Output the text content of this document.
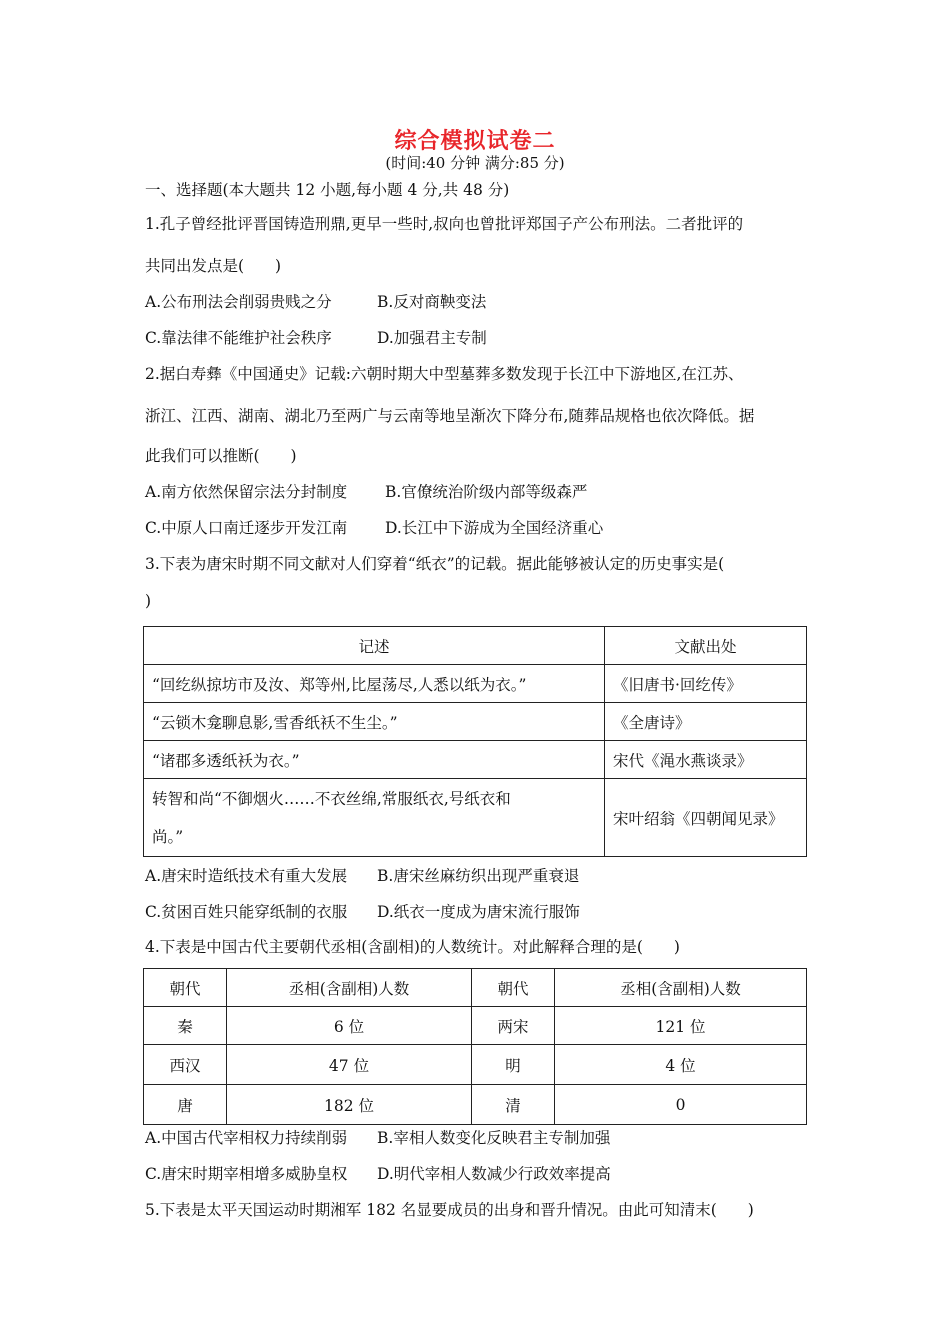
综合模拟试卷二
(时间:40 分钟 满分:85 分)
一、选择题(本大题共 12 小题,每小题 4 分,共 48 分)
1.孔子曾经批评晋国铸造刑鼎,更早一些时,叔向也曾批评郑国子产公布刑法。二者批评的
共同出发点是(　　)
A.公布刑法会削弱贵贱之分	B.反对商鞅变法
C.靠法律不能维护社会秩序	D.加强君主专制
2.据白寿彝《中国通史》记载:六朝时期大中型墓葬多数发现于长江中下游地区,在江苏、
浙江、江西、湖南、湖北乃至两广与云南等地呈渐次下降分布,随葬品规格也依次降低。据
此我们可以推断(　　)
A.南方依然保留宗法分封制度 B.官僚统治阶级内部等级森严
C.中原人口南迁逐步开发江南 D.长江中下游成为全国经济重心
3.下表为唐宋时期不同文献对人们穿着“纸衣”的记载。据此能够被认定的历史事实是(
)
记述	文献出处
“回纥纵掠坊市及汝、郑等州,比屋荡尽,人悉以纸为衣。”	《旧唐书·回纥传》
“云锁木龛聊息影,雪香纸袄不生尘。”	《全唐诗》
“诸郡多透纸袄为衣。”	宋代《渑水燕谈录》

转智和尚“不御烟火……不衣丝绵,常服纸衣,号纸衣和
尚。”	宋叶绍翁《四朝闻见录》
A.唐宋时造纸技术有重大发展 B.唐宋丝麻纺织出现严重衰退
C.贫困百姓只能穿纸制的衣服 D.纸衣一度成为唐宋流行服饰
4.下表是中国古代主要朝代丞相(含副相)的人数统计。对此解释合理的是(　　)
朝代	丞相(含副相)人数	朝代	丞相(含副相)人数
秦	6 位	两宋	121 位
西汉	47 位	明	4 位
唐	182 位	清	0
A.中国古代宰相权力持续削弱 B.宰相人数变化反映君主专制加强
C.唐宋时期宰相增多威胁皇权 D.明代宰相人数减少行政效率提高
5.下表是太平天国运动时期湘军 182 名显要成员的出身和晋升情况。由此可知清末(　　)
